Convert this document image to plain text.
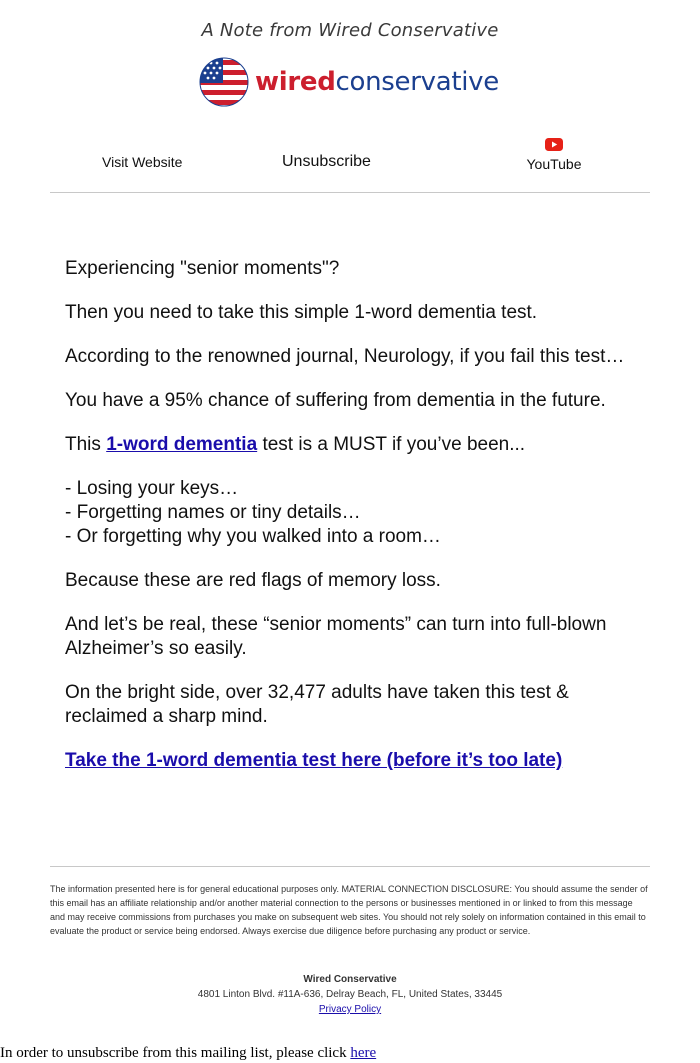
A Note from Wired Conservative
wiredconservative
Visit Website	Unsubscribe	YouTube

Experiencing "senior moments"?

Then you need to take this simple 1-word dementia test.

According to the renowned journal, Neurology, if you fail this test…

You have a 95% chance of suffering from dementia in the future.

This 1-word dementia test is a MUST if you’ve been...

- Losing your keys…
- Forgetting names or tiny details…
- Or forgetting why you walked into a room…

Because these are red flags of memory loss.

And let’s be real, these “senior moments” can turn into full-blown Alzheimer’s so easily.

On the bright side, over 32,477 adults have taken this test & reclaimed a sharp mind.

Take the 1-word dementia test here (before it’s too late)

The information presented here is for general educational purposes only. MATERIAL CONNECTION DISCLOSURE: You should assume the sender of this email has an affiliate relationship and/or another material connection to the persons or businesses mentioned in or linked to from this message and may receive commissions from purchases you make on subsequent web sites. You should not rely solely on information contained in this email to evaluate the product or service being endorsed. Always exercise due diligence before purchasing any product or service.
Wired Conservative
4801 Linton Blvd. #11A-636, Delray Beach, FL, United States, 33445
Privacy Policy
In order to unsubscribe from this mailing list, please click here
